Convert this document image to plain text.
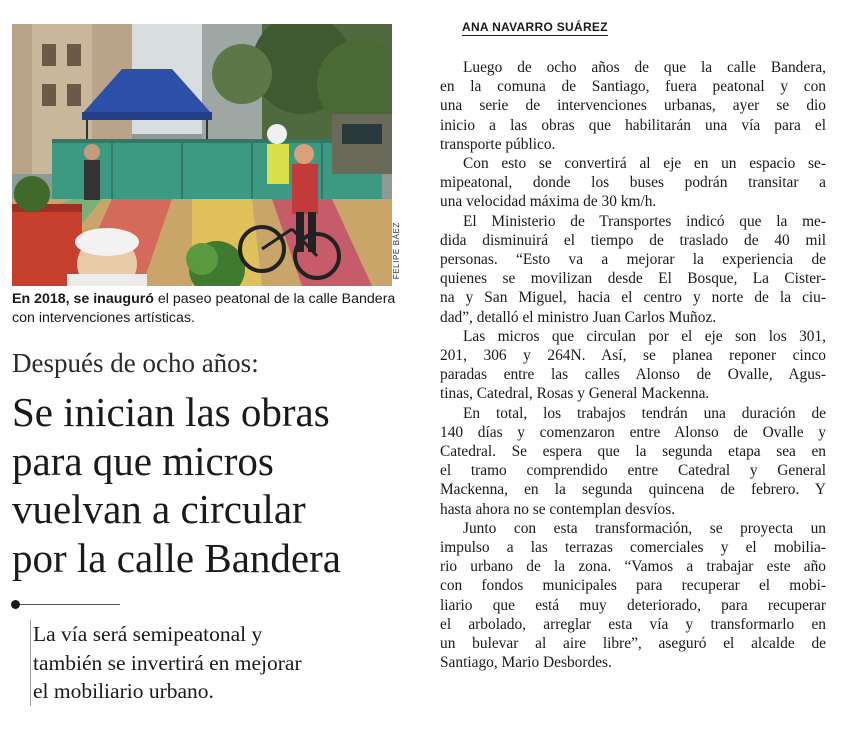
FELIPE BÁEZ
En 2018, se inauguró el paseo peatonal de la calle Bandera con intervenciones artísticas.
Después de ocho años:
Se inician las obras
para que micros
vuelvan a circular
por la calle Bandera
La vía será semipeatonal y
también se invertirá en mejorar
el mobiliario urbano.
ANA NAVARRO SUÁREZ

Luego de ocho años de que la calle Bandera,
en la comuna de Santiago, fuera peatonal y con
una serie de intervenciones urbanas, ayer se dio
inicio a las obras que habilitarán una vía para el
transporte público.

Con esto se convertirá al eje en un espacio se-
mipeatonal, donde los buses podrán transitar a
una velocidad máxima de 30 km/h.

El Ministerio de Transportes indicó que la me-
dida disminuirá el tiempo de traslado de 40 mil
personas. “Esto va a mejorar la experiencia de
quienes se movilizan desde El Bosque, La Cister-
na y San Miguel, hacia el centro y norte de la ciu-
dad”, detalló el ministro Juan Carlos Muñoz.

Las micros que circulan por el eje son los 301,
201, 306 y 264N. Así, se planea reponer cinco
paradas entre las calles Alonso de Ovalle, Agus-
tinas, Catedral, Rosas y General Mackenna.

En total, los trabajos tendrán una duración de
140 días y comenzaron entre Alonso de Ovalle y
Catedral. Se espera que la segunda etapa sea en
el tramo comprendido entre Catedral y General
Mackenna, en la segunda quincena de febrero. Y
hasta ahora no se contemplan desvíos.

Junto con esta transformación, se proyecta un
impulso a las terrazas comerciales y el mobilia-
rio urbano de la zona. “Vamos a trabajar este año
con fondos municipales para recuperar el mobi-
liario que está muy deteriorado, para recuperar
el arbolado, arreglar esta vía y transformarlo en
un bulevar al aire libre”, aseguró el alcalde de
Santiago, Mario Desbordes.
